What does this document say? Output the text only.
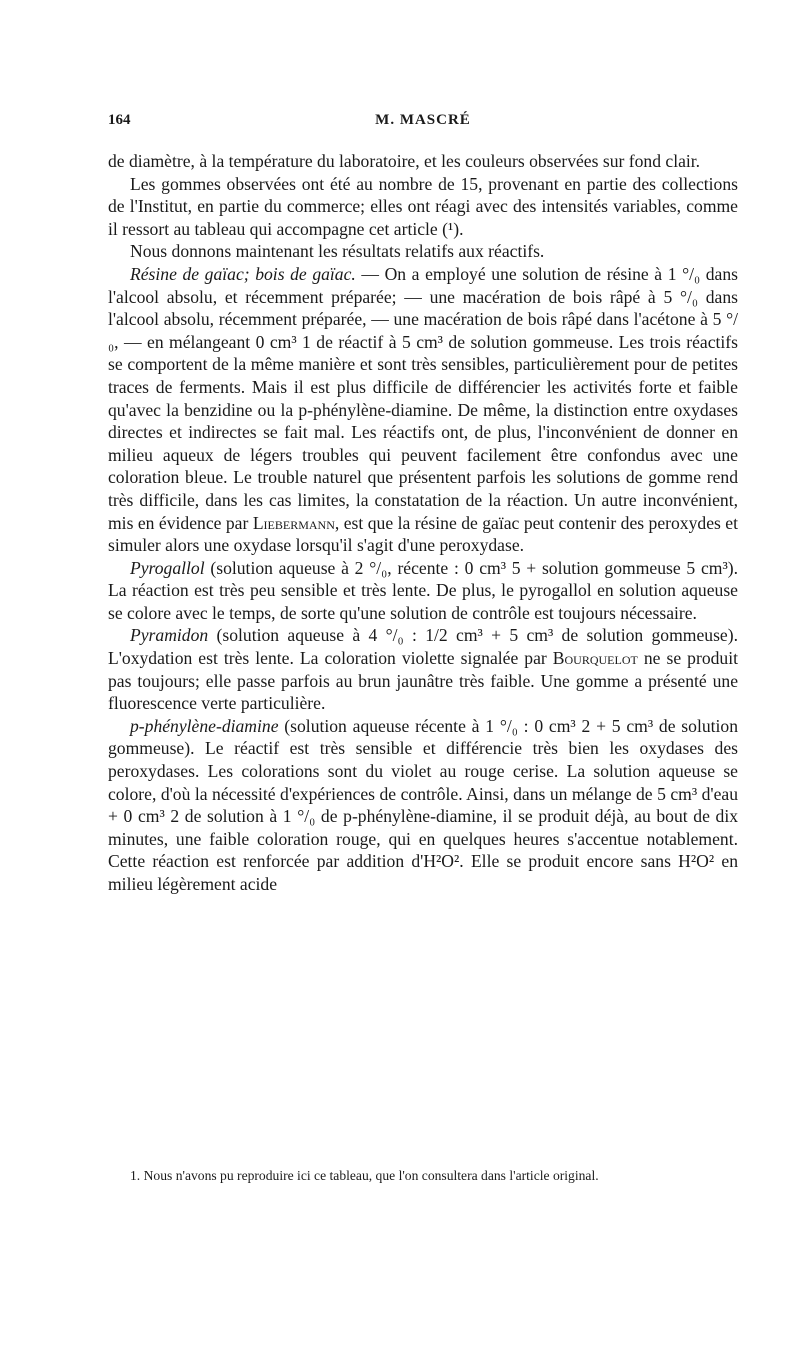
164	M. MASCRÉ

de diamètre, à la température du laboratoire, et les couleurs observées sur fond clair.

Les gommes observées ont été au nombre de 15, provenant en partie des collections de l'Institut, en partie du commerce; elles ont réagi avec des intensités variables, comme il ressort au tableau qui accompagne cet article (¹).

Nous donnons maintenant les résultats relatifs aux réactifs.

Résine de gaïac; bois de gaïac. — On a employé une solution de résine à 1 °/₀ dans l'alcool absolu, et récemment préparée; — une macération de bois râpé à 5 °/₀ dans l'alcool absolu, récemment préparée, — une macération de bois râpé dans l'acétone à 5 °/₀, — en mélangeant 0 cm³ 1 de réactif à 5 cm³ de solution gommeuse. Les trois réactifs se comportent de la même manière et sont très sensibles, particulièrement pour de petites traces de ferments. Mais il est plus difficile de différencier les activités forte et faible qu'avec la benzidine ou la p-phénylène-diamine. De même, la distinction entre oxydases directes et indirectes se fait mal. Les réactifs ont, de plus, l'inconvénient de donner en milieu aqueux de légers troubles qui peuvent facilement être confondus avec une coloration bleue. Le trouble naturel que présentent parfois les solutions de gomme rend très difficile, dans les cas limites, la constatation de la réaction. Un autre inconvénient, mis en évidence par Liebermann, est que la résine de gaïac peut contenir des peroxydes et simuler alors une oxydase lorsqu'il s'agit d'une peroxydase.

Pyrogallol (solution aqueuse à 2 °/₀, récente : 0 cm³ 5 + solution gommeuse 5 cm³). La réaction est très peu sensible et très lente. De plus, le pyrogallol en solution aqueuse se colore avec le temps, de sorte qu'une solution de contrôle est toujours nécessaire.

Pyramidon (solution aqueuse à 4 °/₀ : 1/2 cm³ + 5 cm³ de solution gommeuse). L'oxydation est très lente. La coloration violette signalée par Bourquelot ne se produit pas toujours; elle passe parfois au brun jaunâtre très faible. Une gomme a présenté une fluorescence verte particulière.

p-phénylène-diamine (solution aqueuse récente à 1 °/₀ : 0 cm³ 2 + 5 cm³ de solution gommeuse). Le réactif est très sensible et différencie très bien les oxydases des peroxydases. Les colorations sont du violet au rouge cerise. La solution aqueuse se colore, d'où la nécessité d'expériences de contrôle. Ainsi, dans un mélange de 5 cm³ d'eau + 0 cm³ 2 de solution à 1 °/₀ de p-phénylène-diamine, il se produit déjà, au bout de dix minutes, une faible coloration rouge, qui en quelques heures s'accentue notablement. Cette réaction est renforcée par addition d'H²O². Elle se produit encore sans H²O² en milieu légèrement acide

1. Nous n'avons pu reproduire ici ce tableau, que l'on consultera dans l'article original.
